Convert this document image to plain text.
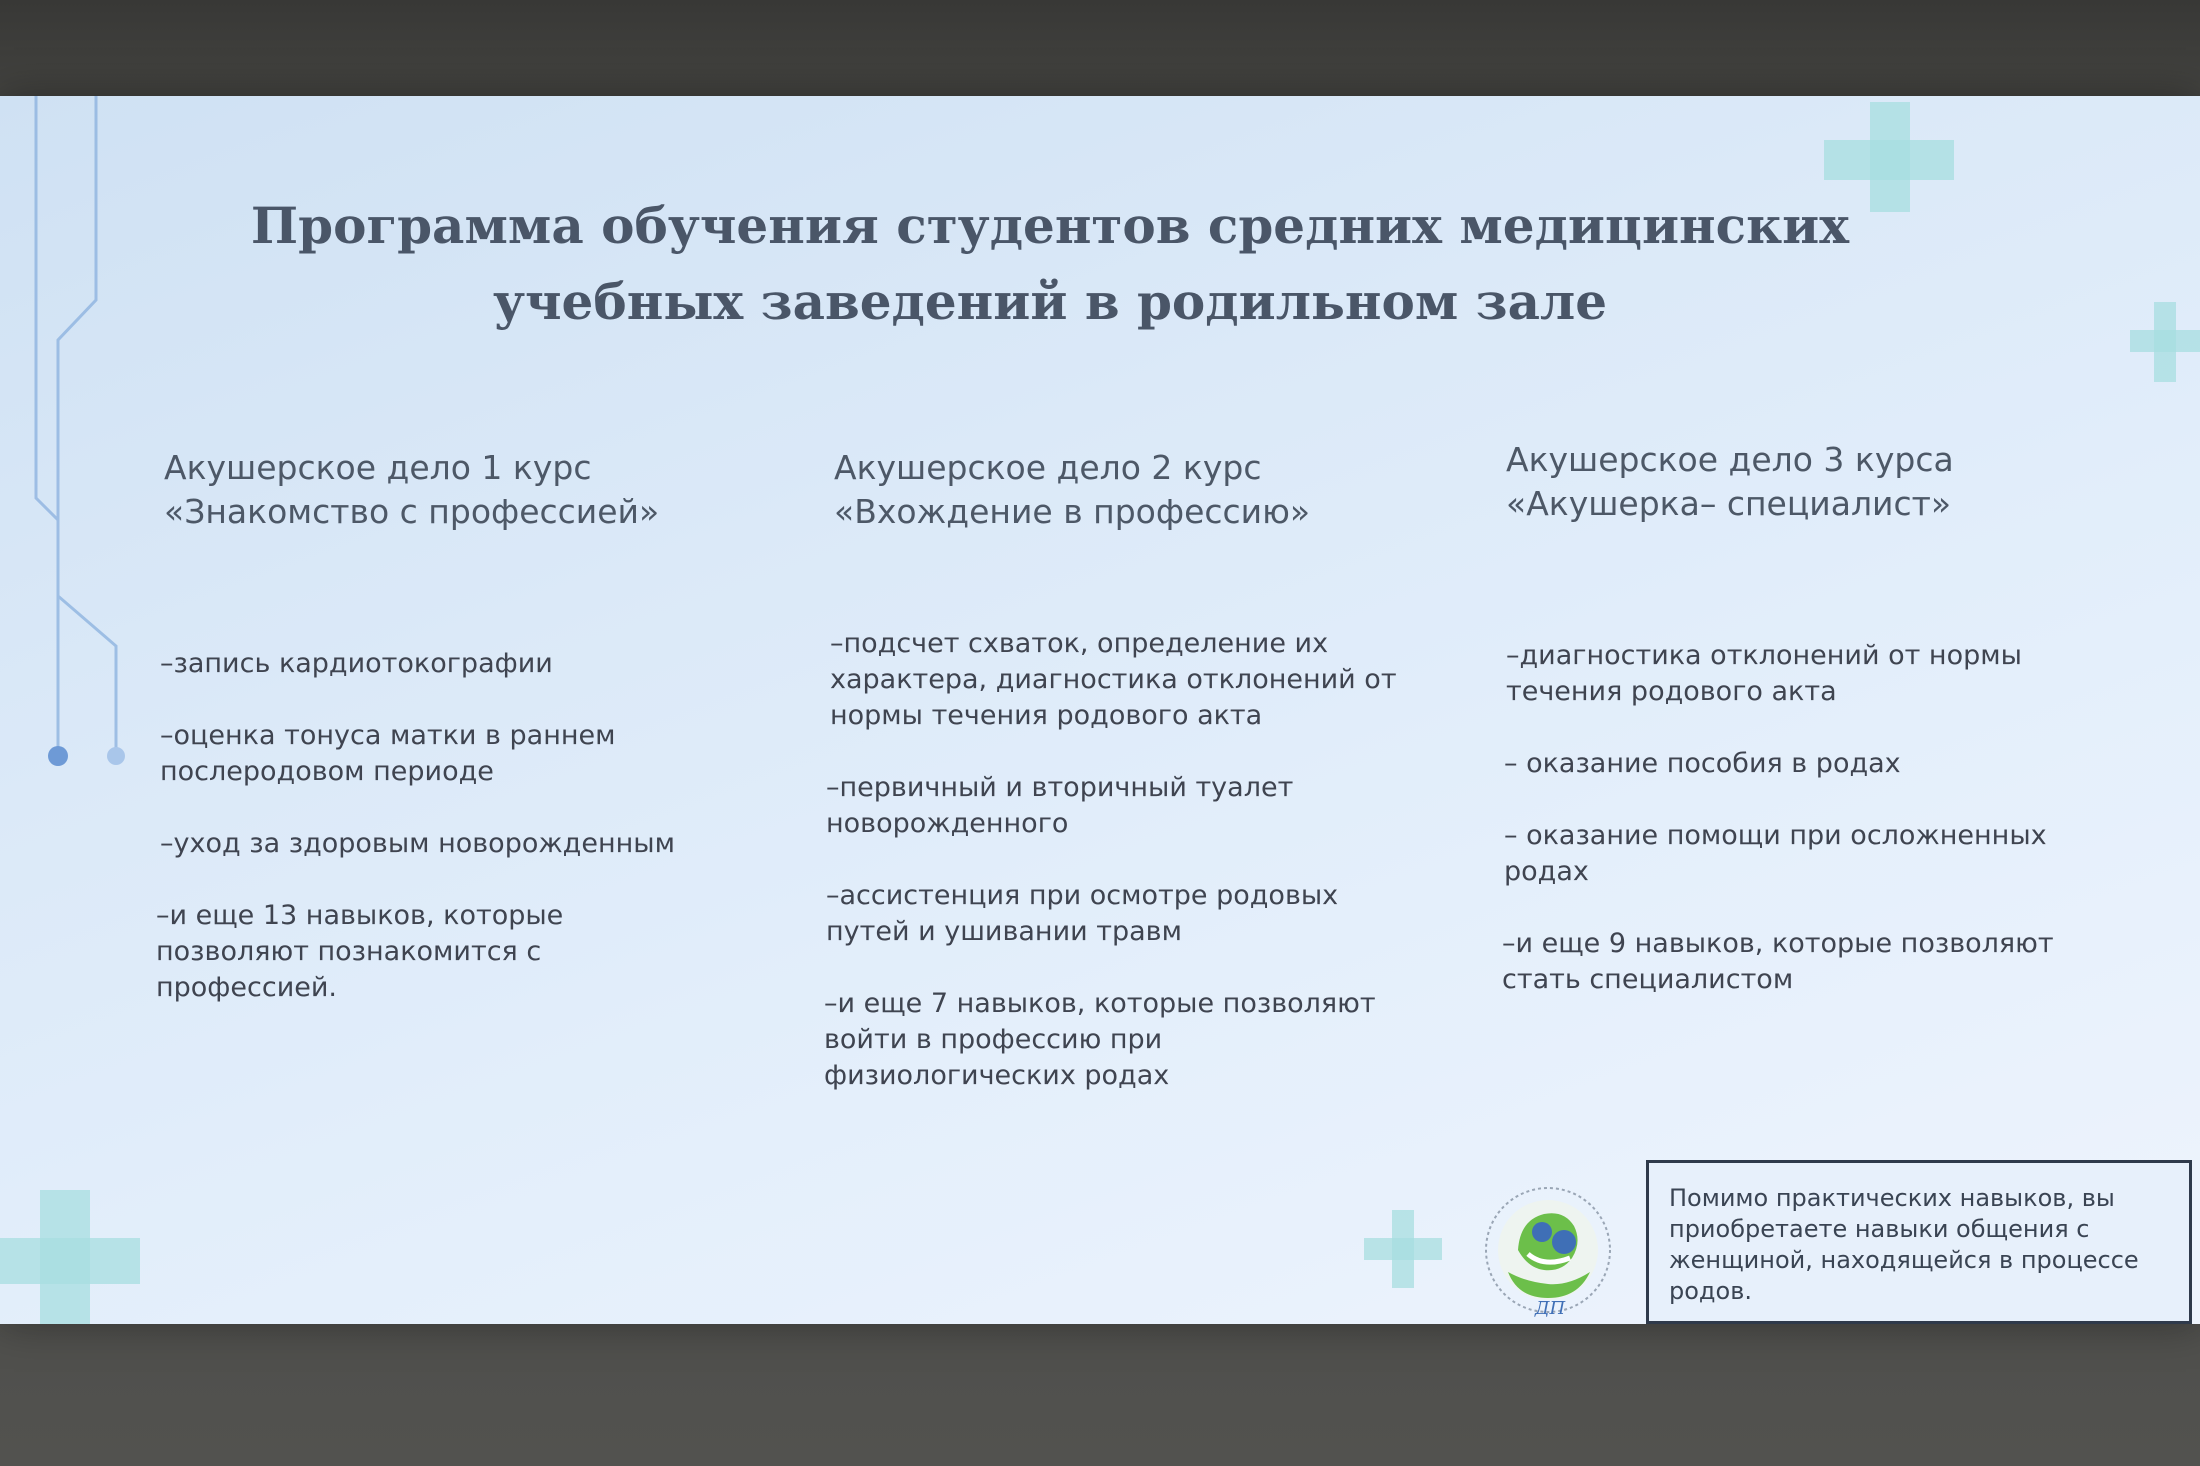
Программа обучения студентов средних медицинских
учебных заведений в родильном зале
Акушерское дело 1 курс
«Знакомство с профессией»
–запись кардиотокографии
–оценка тонуса матки в раннем
послеродовом периоде
–уход за здоровым новорожденным
–и еще 13 навыков, которые
позволяют познакомится с
профессией.
Акушерское дело 2 курс
«Вхождение в профессию»
–подсчет схваток, определение их
характера, диагностика отклонений от
нормы течения родового акта
–первичный и вторичный туалет
новорожденного
–ассистенция при осмотре родовых
путей и ушивании травм
–и еще 7 навыков, которые позволяют
войти в профессию при
физиологических родах
Акушерское дело 3 курса
«Акушерка– специалист»
–диагностика отклонений от нормы
течения родового акта
– оказание пособия в родах
– оказание помощи при осложненных
родах
–и еще 9 навыков, которые позволяют
стать специалистом
ДП
Помимо практических навыков, вы
приобретаете навыки общения с
женщиной, находящейся в процессе
родов.
